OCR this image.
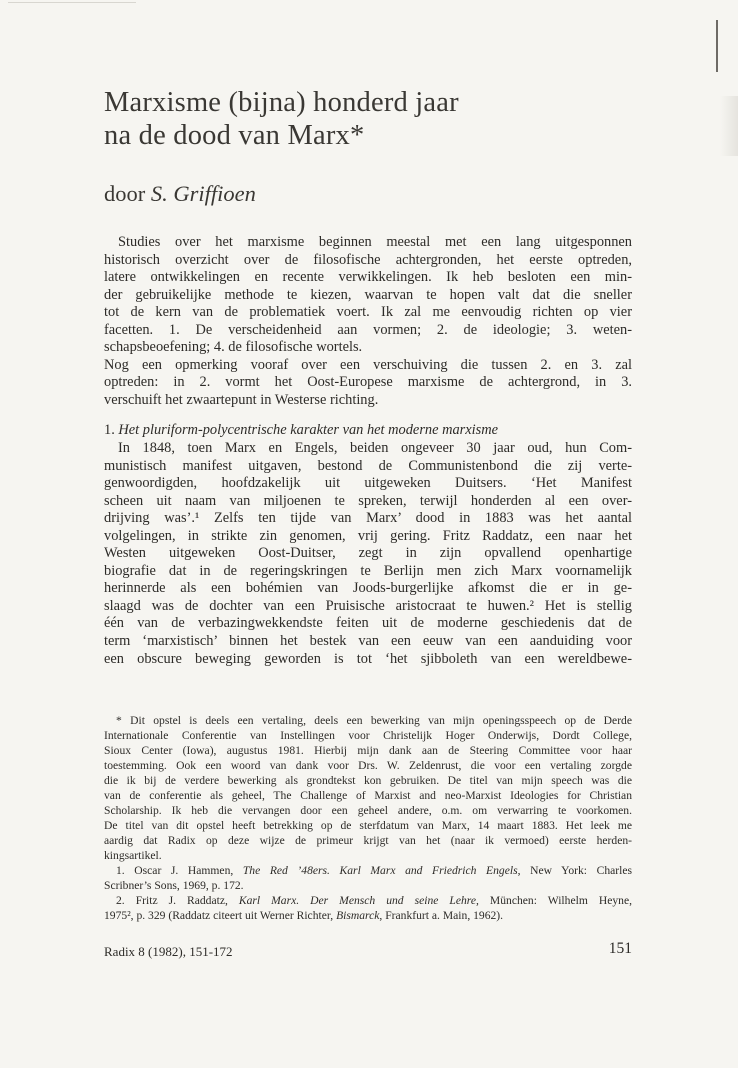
Marxisme (bijna) honderd jaar
na de dood van Marx*
door S. Griffioen
Studies over het marxisme beginnen meestal met een lang uitgesponnen
historisch overzicht over de filosofische achtergronden, het eerste optreden,
latere ontwikkelingen en recente verwikkelingen. Ik heb besloten een min-
der gebruikelijke methode te kiezen, waarvan te hopen valt dat die sneller
tot de kern van de problematiek voert. Ik zal me eenvoudig richten op vier
facetten. 1. De verscheidenheid aan vormen; 2. de ideologie; 3. weten-
schapsbeoefening; 4. de filosofische wortels.
Nog een opmerking vooraf over een verschuiving die tussen 2. en 3. zal
optreden: in 2. vormt het Oost-Europese marxisme de achtergrond, in 3.
verschuift het zwaartepunt in Westerse richting.
1. Het pluriform-polycentrische karakter van het moderne marxisme
In 1848, toen Marx en Engels, beiden ongeveer 30 jaar oud, hun Com-
munistisch manifest uitgaven, bestond de Communistenbond die zij verte-
genwoordigden, hoofdzakelijk uit uitgeweken Duitsers. ‘Het Manifest
scheen uit naam van miljoenen te spreken, terwijl honderden al een over-
drijving was’.¹ Zelfs ten tijde van Marx’ dood in 1883 was het aantal
volgelingen, in strikte zin genomen, vrij gering. Fritz Raddatz, een naar het
Westen uitgeweken Oost-Duitser, zegt in zijn opvallend openhartige
biografie dat in de regeringskringen te Berlijn men zich Marx voornamelijk
herinnerde als een bohémien van Joods-burgerlijke afkomst die er in ge-
slaagd was de dochter van een Pruisische aristocraat te huwen.² Het is stellig
één van de verbazingwekkendste feiten uit de moderne geschiedenis dat de
term ‘marxistisch’ binnen het bestek van een eeuw van een aanduiding voor
een obscure beweging geworden is tot ‘het sjibboleth van een wereldbewe-
* Dit opstel is deels een vertaling, deels een bewerking van mijn openingsspeech op de Derde
Internationale Conferentie van Instellingen voor Christelijk Hoger Onderwijs, Dordt College,
Sioux Center (Iowa), augustus 1981. Hierbij mijn dank aan de Steering Committee voor haar
toestemming. Ook een woord van dank voor Drs. W. Zeldenrust, die voor een vertaling zorgde
die ik bij de verdere bewerking als grondtekst kon gebruiken. De titel van mijn speech was die
van de conferentie als geheel, The Challenge of Marxist and neo-Marxist Ideologies for Christian
Scholarship. Ik heb die vervangen door een geheel andere, o.m. om verwarring te voorkomen.
De titel van dit opstel heeft betrekking op de sterfdatum van Marx, 14 maart 1883. Het leek me
aardig dat Radix op deze wijze de primeur krijgt van het (naar ik vermoed) eerste herden-
kingsartikel.
1. Oscar J. Hammen, The Red ’48ers. Karl Marx and Friedrich Engels, New York: Charles
Scribner’s Sons, 1969, p. 172.
2. Fritz J. Raddatz, Karl Marx. Der Mensch und seine Lehre, München: Wilhelm Heyne,
1975², p. 329 (Raddatz citeert uit Werner Richter, Bismarck, Frankfurt a. Main, 1962).
Radix 8 (1982), 151-172	151
